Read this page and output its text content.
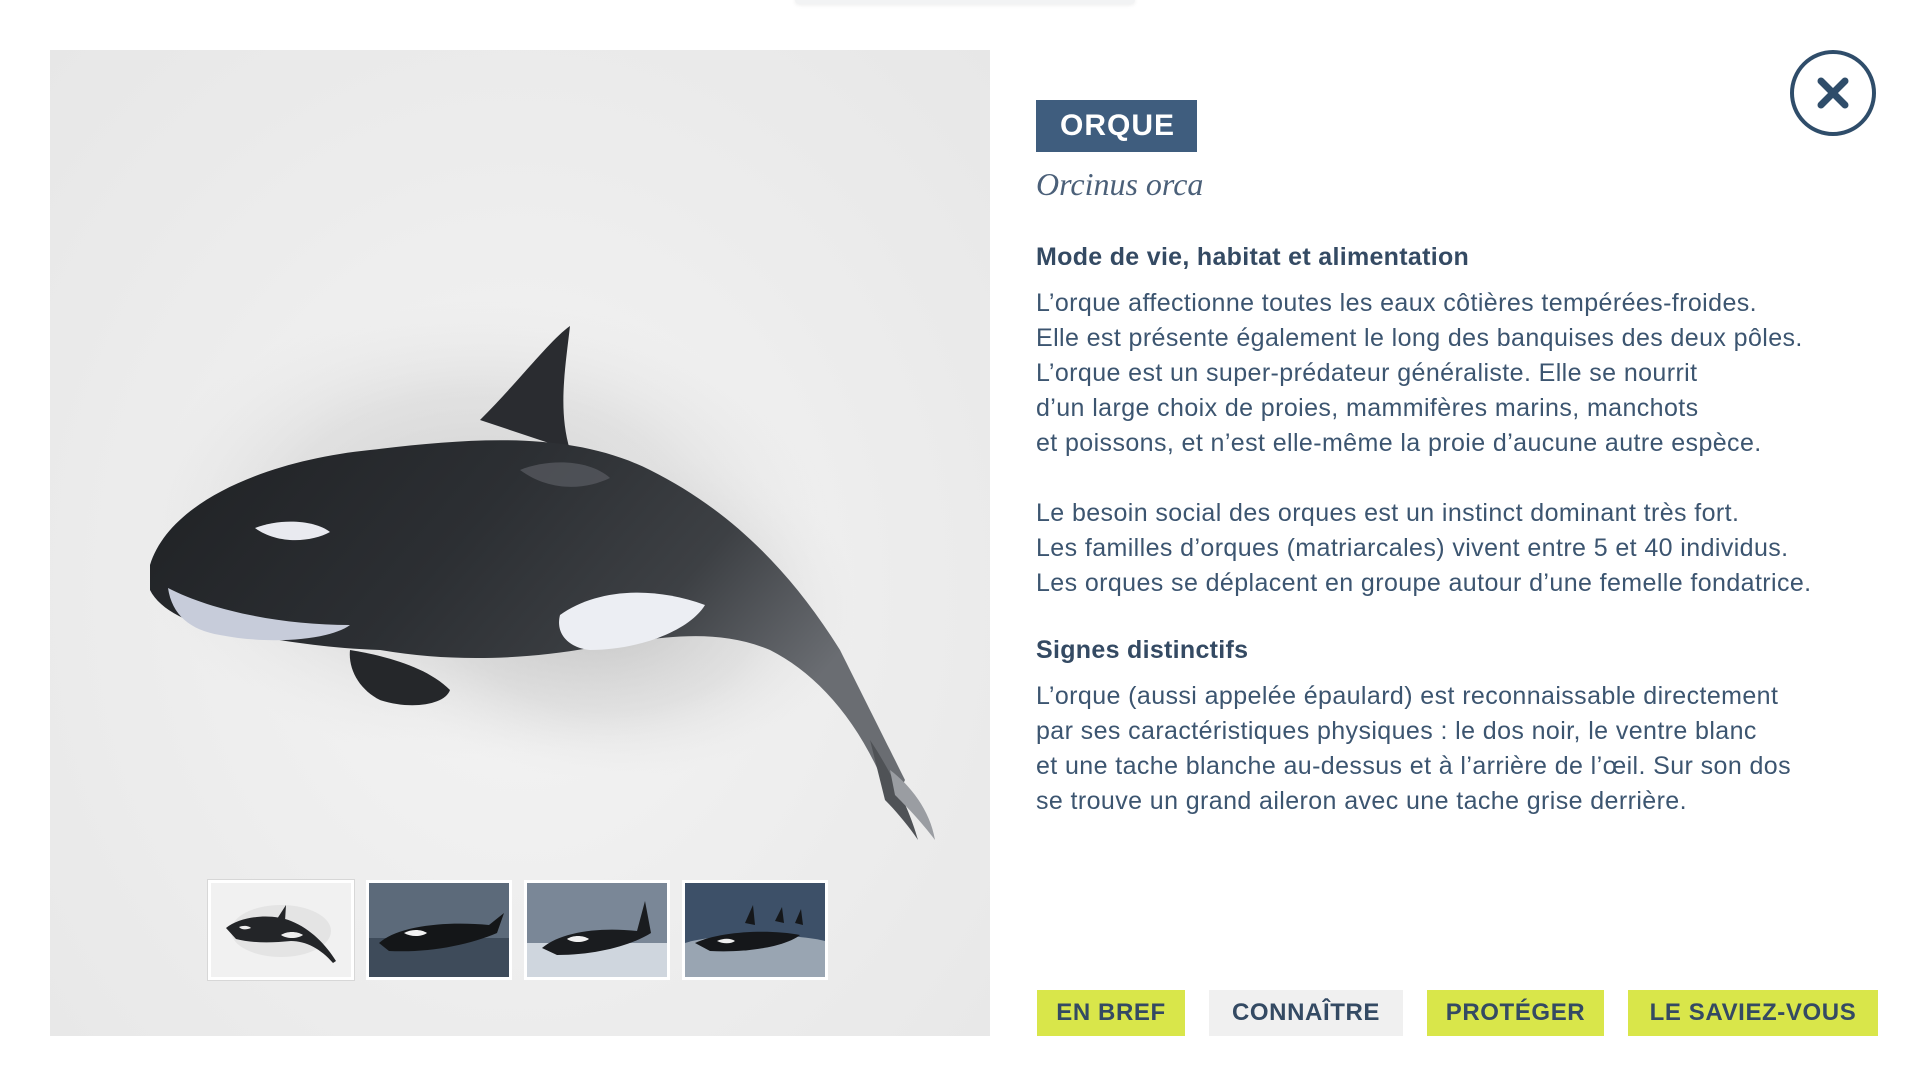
ORQUE
Orcinus orca
Mode de vie, habitat et alimentation
L’orque affectionne toutes les eaux côtières tempérées-froides.
Elle est présente également le long des banquises des deux pôles.
L’orque est un super-prédateur généraliste. Elle se nourrit
d’un large choix de proies, mammifères marins, manchots
et poissons, et n’est elle-même la proie d’aucune autre espèce.
Le besoin social des orques est un instinct dominant très fort.
Les familles d’orques (matriarcales) vivent entre 5 et 40 individus.
Les orques se déplacent en groupe autour d’une femelle fondatrice.
Signes distinctifs
L’orque (aussi appelée épaulard) est reconnaissable directement
par ses caractéristiques physiques : le dos noir, le ventre blanc
et une tache blanche au-dessus et à l’arrière de l’œil. Sur son dos
se trouve un grand aileron avec une tache grise derrière.
EN BREF	CONNAÎTRE	PROTÉGER	LE SAVIEZ-VOUS
